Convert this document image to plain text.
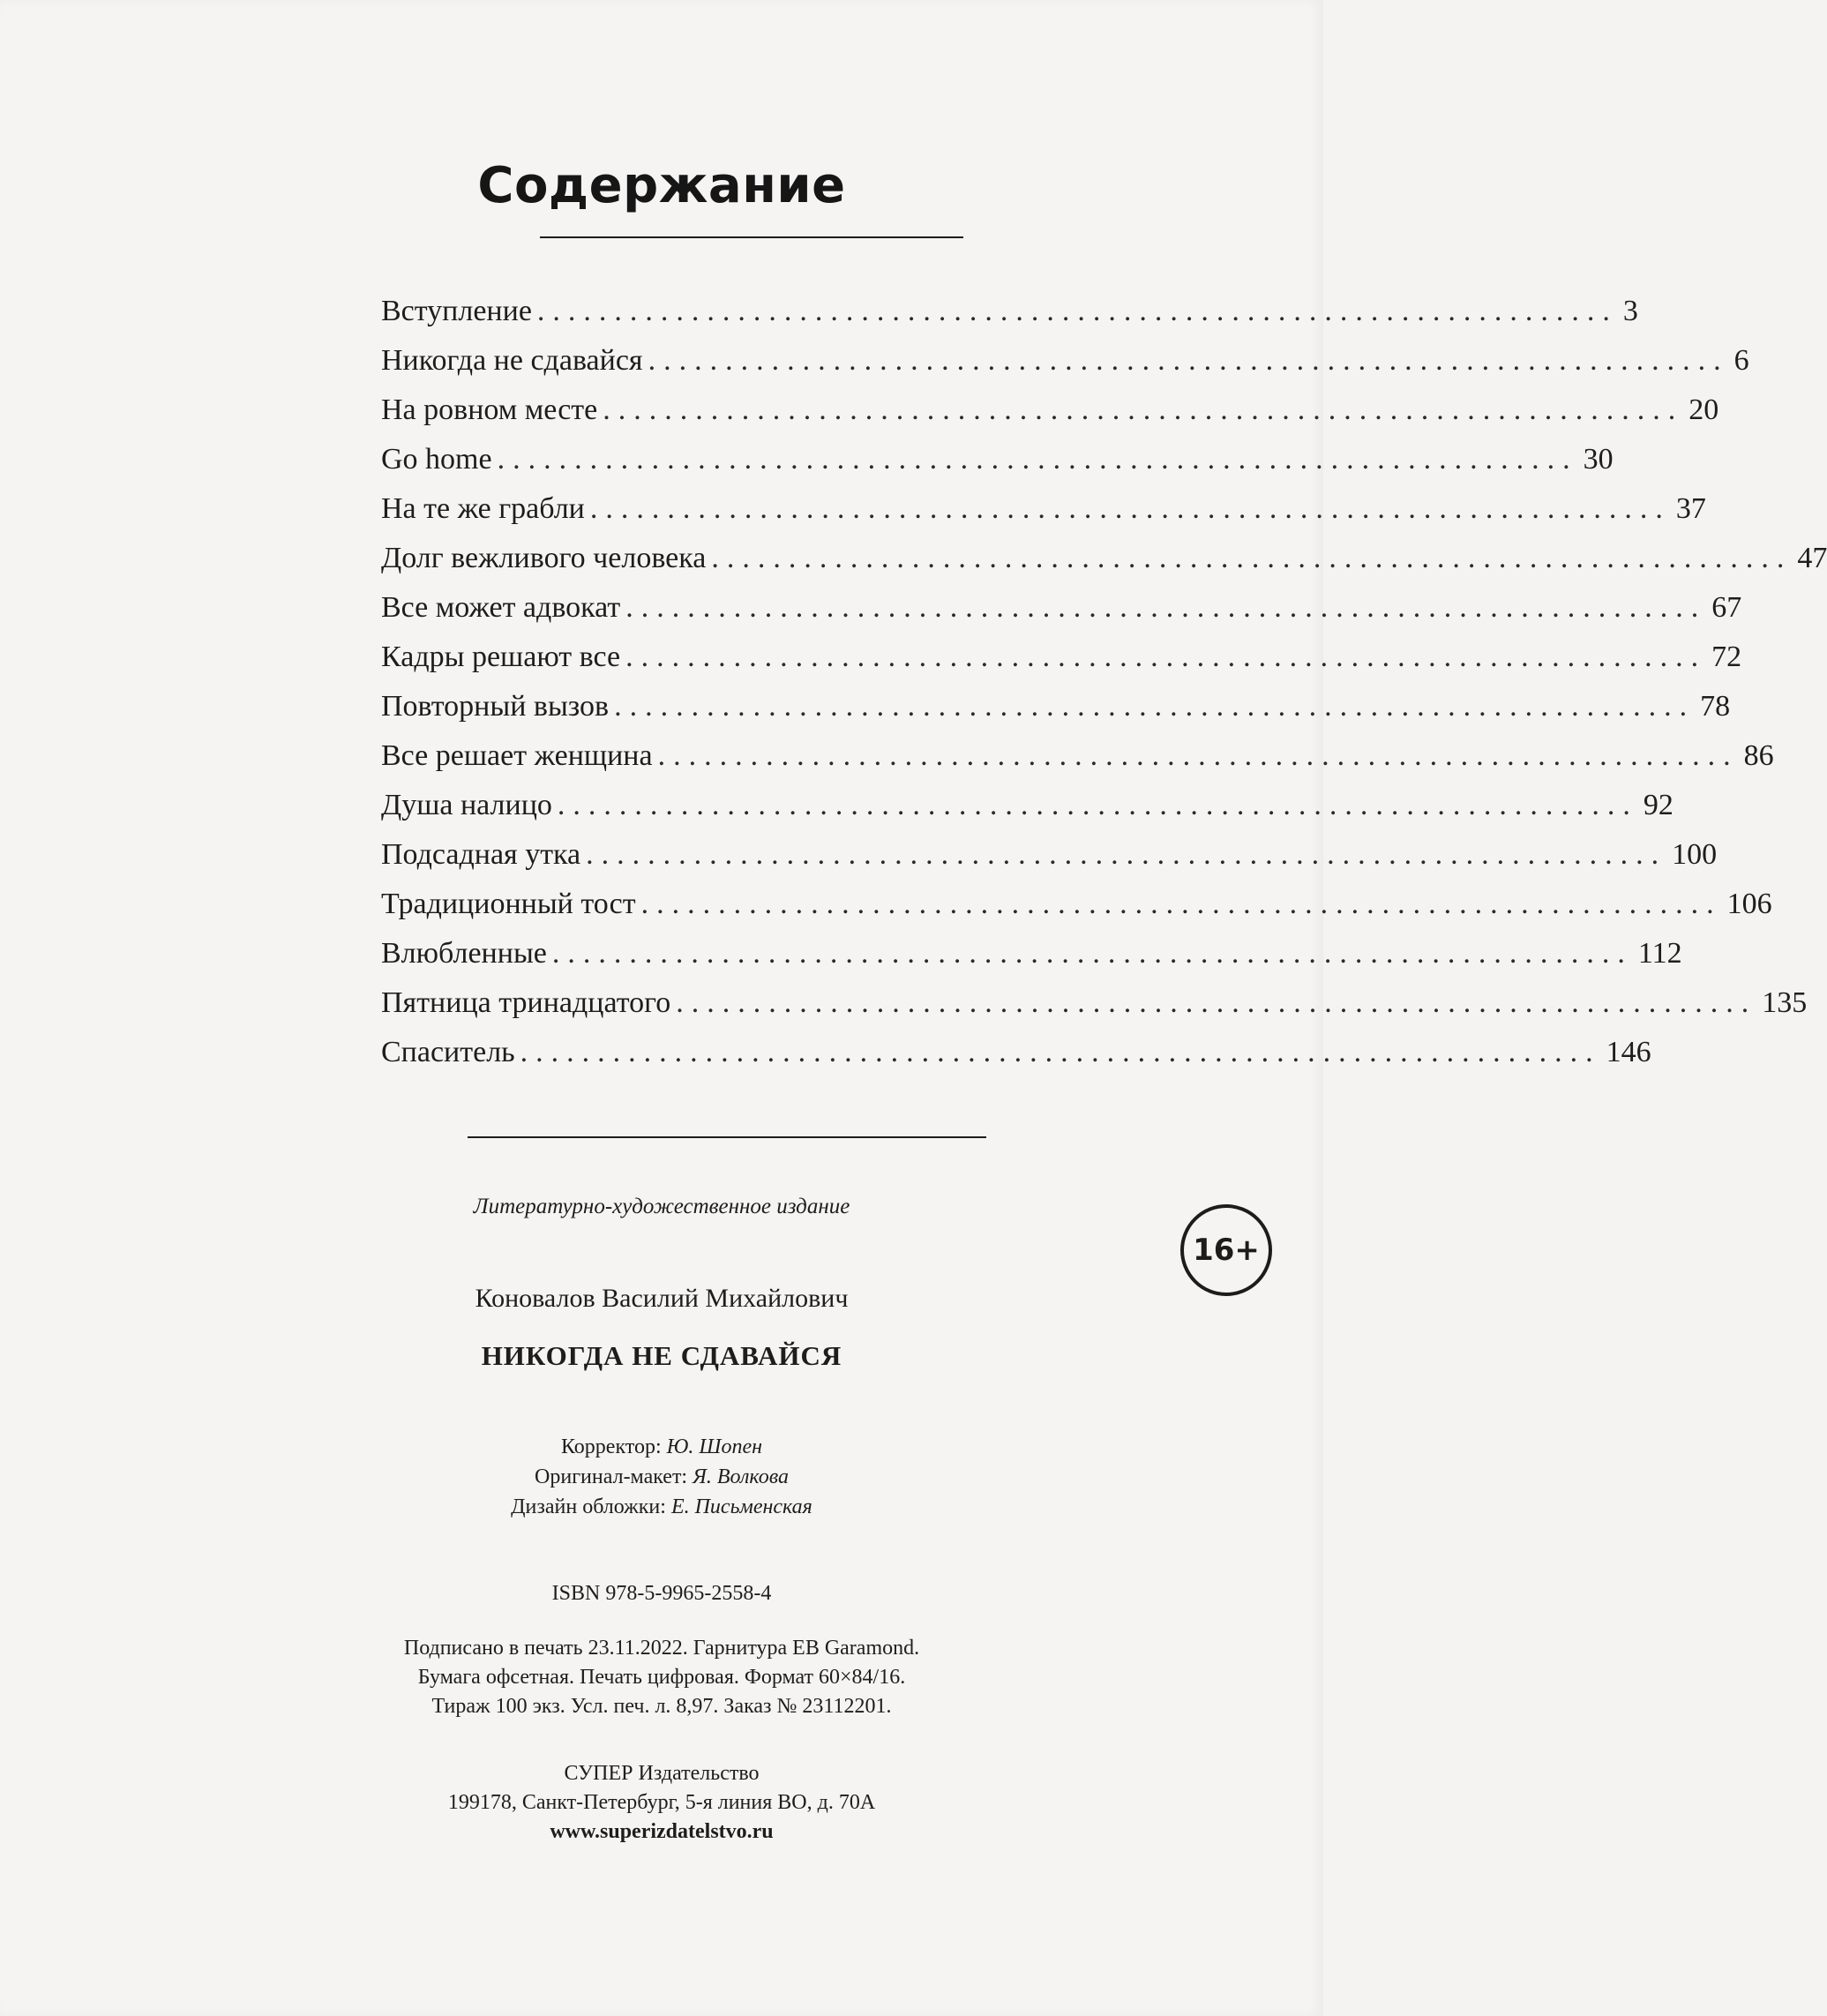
Содержание
Вступление ...................................................................... 3
Никогда не сдавайся ...................................................................... 6
На ровном месте ...................................................................... 20
Go home ...................................................................... 30
На те же грабли ...................................................................... 37
Долг вежливого человека ...................................................................... 47
Все может адвокат ...................................................................... 67
Кадры решают все ...................................................................... 72
Повторный вызов ...................................................................... 78
Все решает женщина ...................................................................... 86
Душа налицо ...................................................................... 92
Подсадная утка ...................................................................... 100
Традиционный тост ...................................................................... 106
Влюбленные ...................................................................... 112
Пятница тринадцатого ...................................................................... 135
Спаситель ...................................................................... 146
Литературно-художественное издание
16+
Коновалов Василий Михайлович
НИКОГДА НЕ СДАВАЙСЯ
Корректор: Ю. Шопен
Оригинал-макет: Я. Волкова
Дизайн обложки: Е. Письменская
ISBN 978-5-9965-2558-4
Подписано в печать 23.11.2022. Гарнитура EB Garamond.
Бумага офсетная. Печать цифровая. Формат 60×84/16.
Тираж 100 экз. Усл. печ. л. 8,97. Заказ № 23112201.
СУПЕР Издательство
199178, Санкт-Петербург, 5-я линия ВО, д. 70А
www.superizdatelstvo.ru
